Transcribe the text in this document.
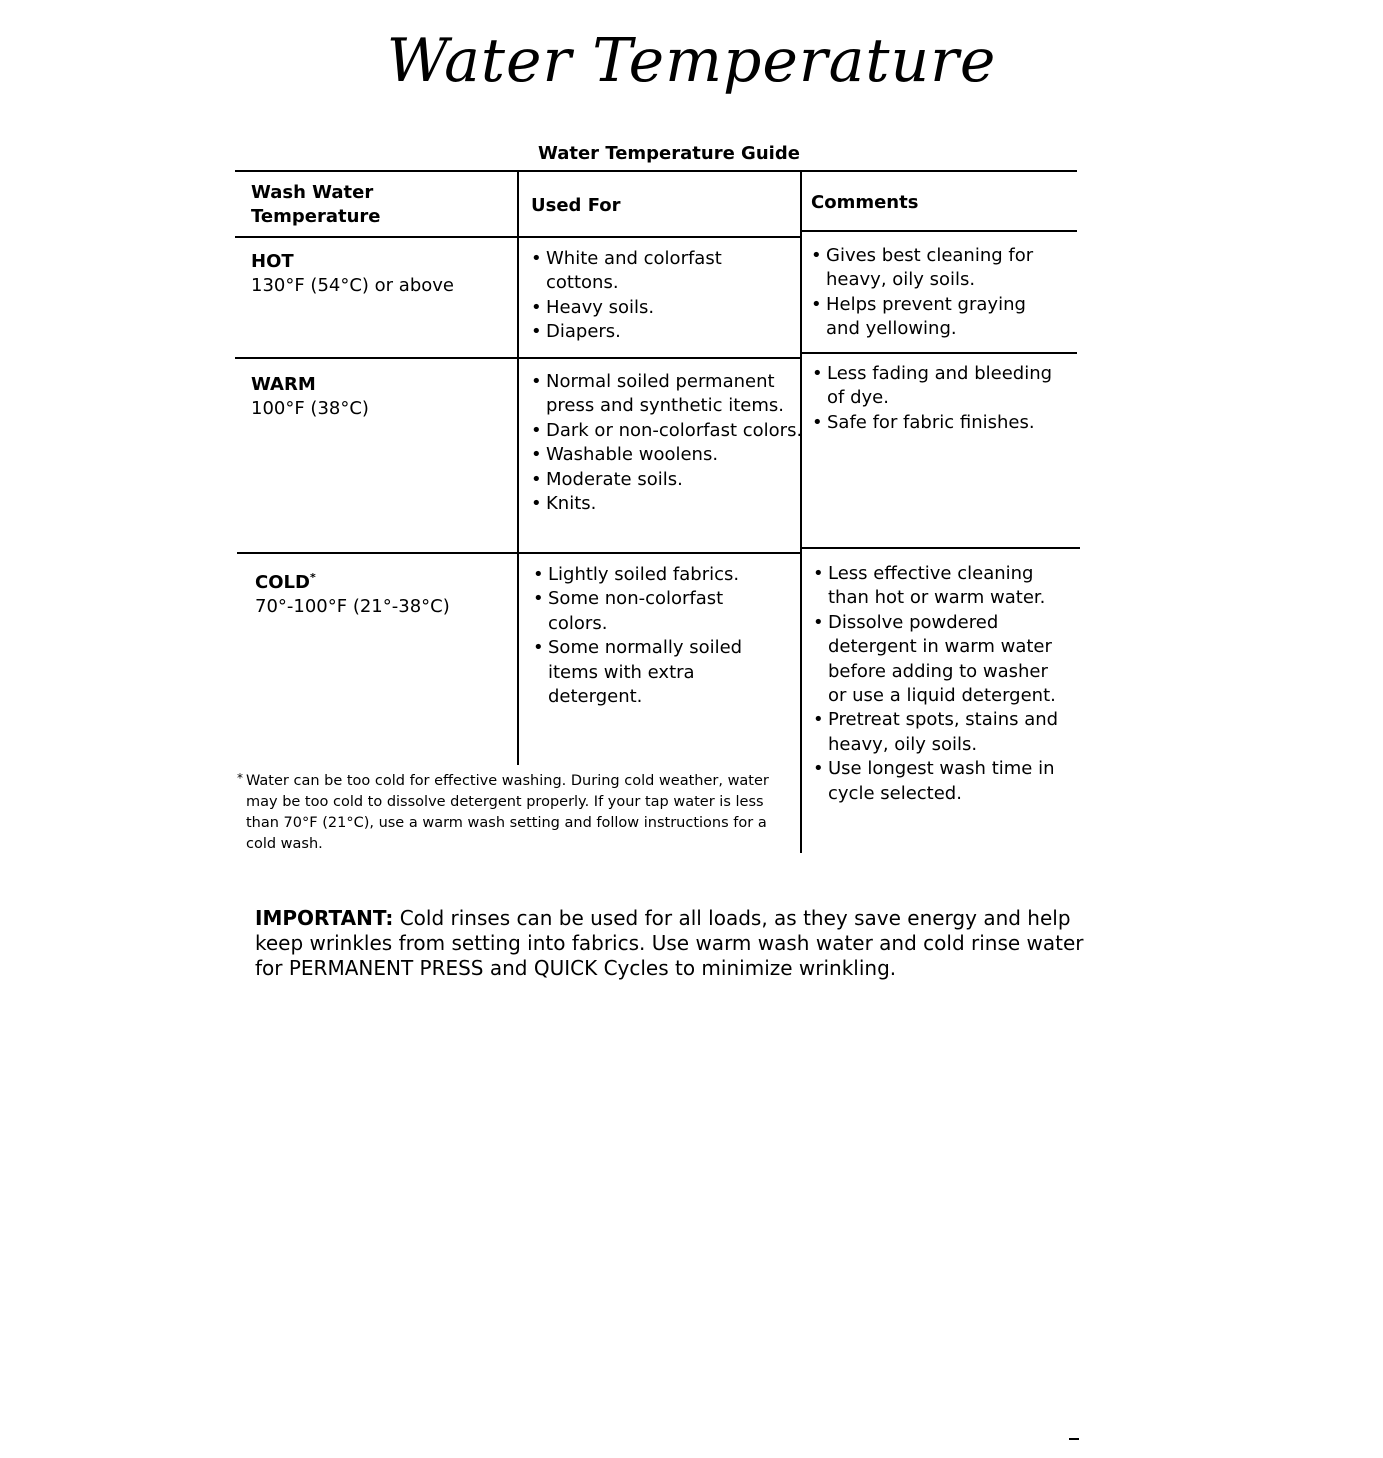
Water Temperature
Water Temperature Guide
Wash Water
Temperature
Used For	Comments
HOT
130°F (54°C) or above
• White and colorfast
cottons.
• Heavy soils.
• Diapers.
• Gives best cleaning for
heavy, oily soils.
• Helps prevent graying
and yellowing.
WARM
100°F (38°C)
• Normal soiled permanent
press and synthetic items.
• Dark or non-colorfast colors.
• Washable woolens.
• Moderate soils.
• Knits.
• Less fading and bleeding
of dye.
• Safe for fabric finishes.
COLD*
70°-100°F (21°-38°C)
• Lightly soiled fabrics.
• Some non-colorfast
colors.
• Some normally soiled
items with extra
detergent.
• Less effective cleaning
than hot or warm water.
• Dissolve powdered
detergent in warm water
before adding to washer
or use a liquid detergent.
• Pretreat spots, stains and
heavy, oily soils.
• Use longest wash time in
cycle selected.
* Water can be too cold for effective washing. During cold weather, water may be too cold to dissolve detergent properly. If your tap water is less than 70°F (21°C), use a warm wash setting and follow instructions for a cold wash.
IMPORTANT: Cold rinses can be used for all loads, as they save energy and help keep wrinkles from setting into fabrics. Use warm wash water and cold rinse water for PERMANENT PRESS and QUICK Cycles to minimize wrinkling.
